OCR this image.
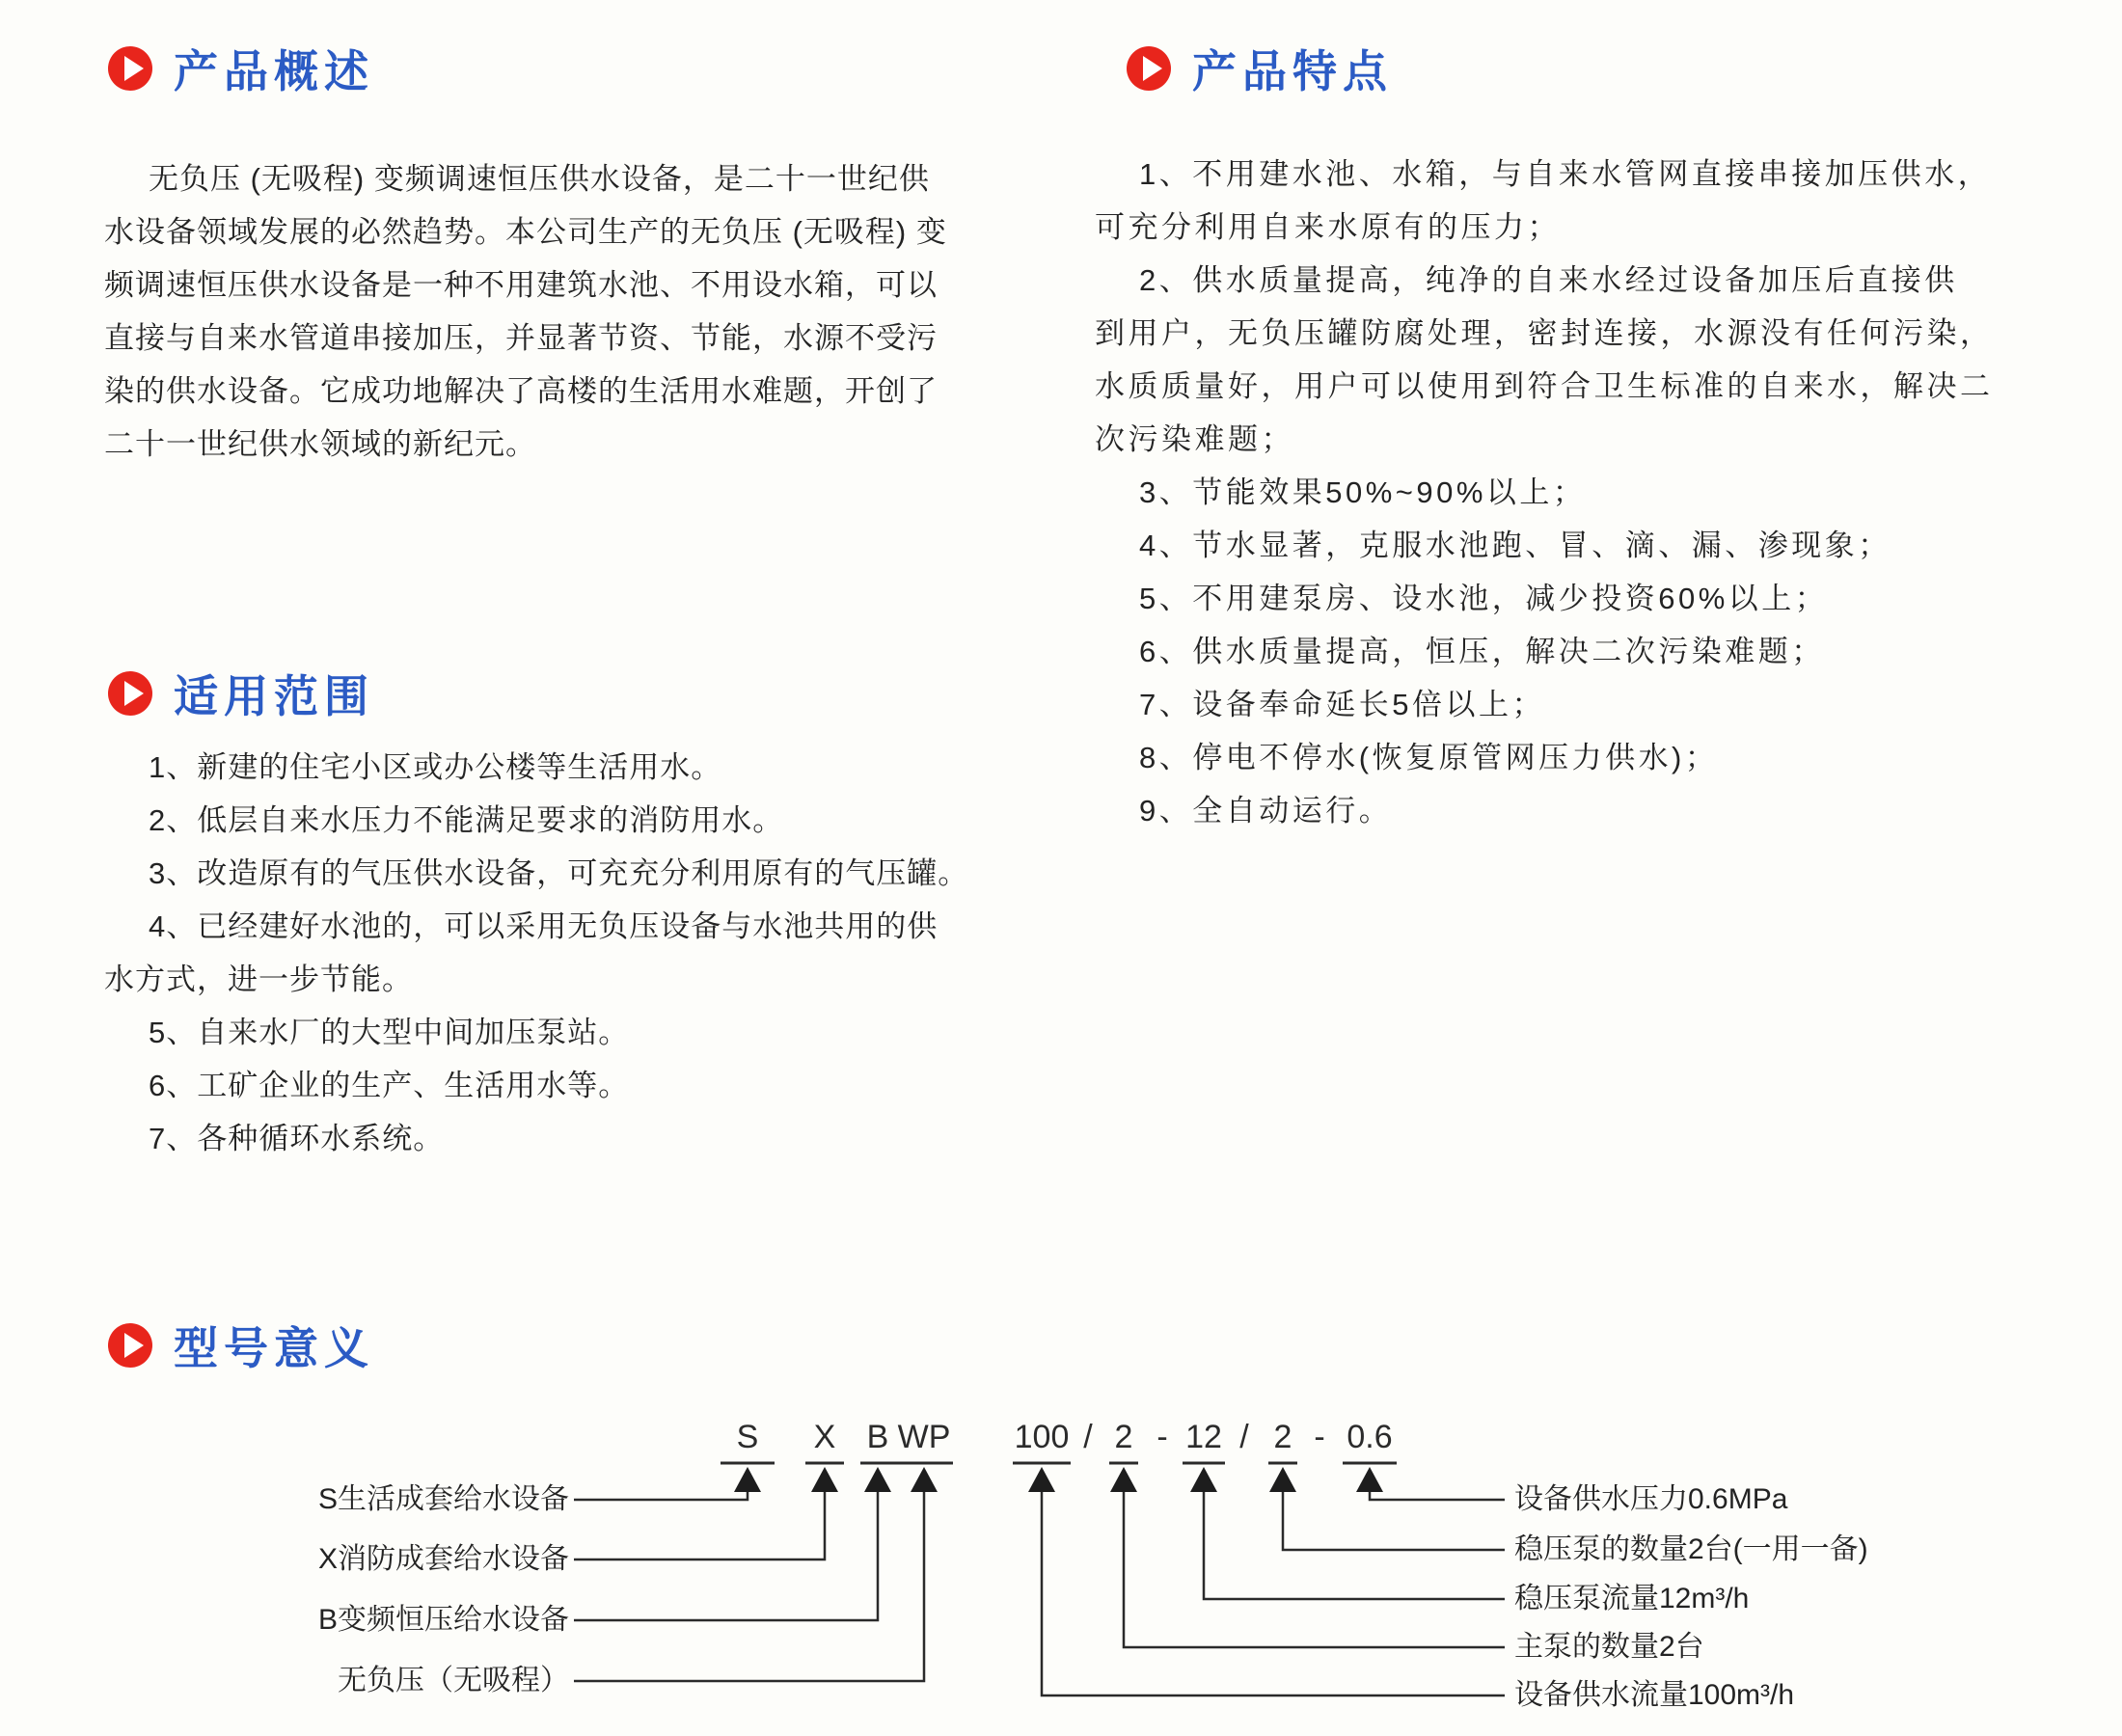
产品概述
无负压 (无吸程) 变频调速恒压供水设备，是二十一世纪供
水设备领域发展的必然趋势。本公司生产的无负压 (无吸程) 变
频调速恒压供水设备是一种不用建筑水池、不用设水箱，可以
直接与自来水管道串接加压，并显著节资、节能，水源不受污
染的供水设备。它成功地解决了高楼的生活用水难题，开创了
二十一世纪供水领域的新纪元。
产品特点
1、不用建水池、水箱，与自来水管网直接串接加压供水，
可充分利用自来水原有的压力；
2、供水质量提高，纯净的自来水经过设备加压后直接供
到用户，无负压罐防腐处理，密封连接，水源没有任何污染，
水质质量好，用户可以使用到符合卫生标准的自来水，解决二
次污染难题；
3、节能效果50%~90%以上；
4、节水显著，克服水池跑、冒、滴、漏、渗现象；
5、不用建泵房、设水池，减少投资60%以上；
6、供水质量提高，恒压，解决二次污染难题；
7、设备奉命延长5倍以上；
8、停电不停水(恢复原管网压力供水)；
9、全自动运行。
适用范围
1、新建的住宅小区或办公楼等生活用水。
2、低层自来水压力不能满足要求的消防用水。
3、改造原有的气压供水设备，可充充分利用原有的气压罐。
4、已经建好水池的，可以采用无负压设备与水池共用的供
水方式，进一步节能。
5、自来水厂的大型中间加压泵站。
6、工矿企业的生产、生活用水等。
7、各种循环水系统。
型号意义
S X B WP 100 / 2 - 12 / 2 - 0.6
S生活成套给水设备
X消防成套给水设备
B变频恒压给水设备
无负压（无吸程）
设备供水压力0.6MPa
稳压泵的数量2台(一用一备)
稳压泵流量12m³/h
主泵的数量2台
设备供水流量100m³/h
